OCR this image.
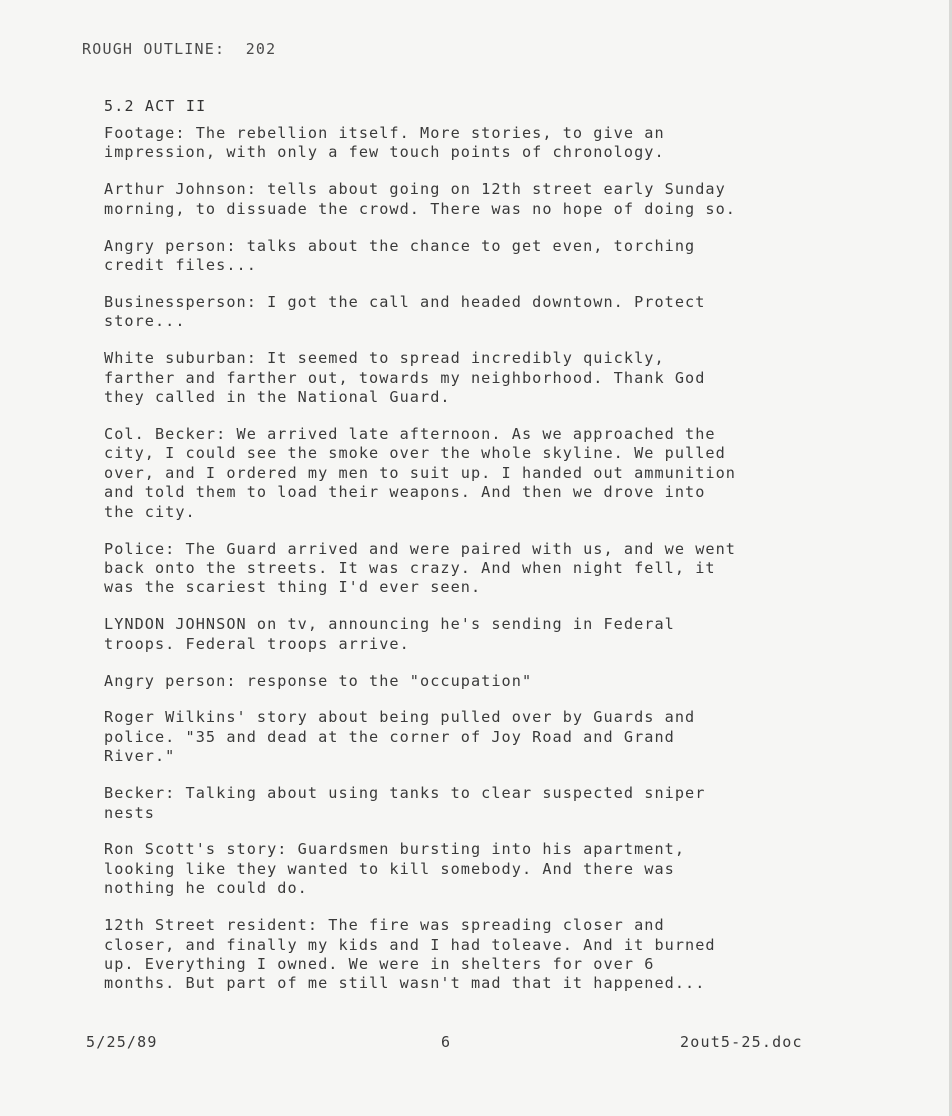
ROUGH OUTLINE:  202
5.2 ACT II

Footage: The rebellion itself. More stories, to give an
impression, with only a few touch points of chronology.

Arthur Johnson: tells about going on 12th street early Sunday
morning, to dissuade the crowd. There was no hope of doing so.

Angry person: talks about the chance to get even, torching
credit files...

Businessperson: I got the call and headed downtown. Protect
store...

White suburban: It seemed to spread incredibly quickly,
farther and farther out, towards my neighborhood. Thank God
they called in the National Guard.

Col. Becker: We arrived late afternoon. As we approached the
city, I could see the smoke over the whole skyline. We pulled
over, and I ordered my men to suit up. I handed out ammunition
and told them to load their weapons. And then we drove into
the city.

Police: The Guard arrived and were paired with us, and we went
back onto the streets. It was crazy. And when night fell, it
was the scariest thing I'd ever seen.

LYNDON JOHNSON on tv, announcing he's sending in Federal
troops. Federal troops arrive.

Angry person: response to the "occupation"

Roger Wilkins' story about being pulled over by Guards and
police. "35 and dead at the corner of Joy Road and Grand
River."

Becker: Talking about using tanks to clear suspected sniper
nests

Ron Scott's story: Guardsmen bursting into his apartment,
looking like they wanted to kill somebody. And there was
nothing he could do.

12th Street resident: The fire was spreading closer and
closer, and finally my kids and I had toleave. And it burned
up. Everything I owned. We were in shelters for over 6
months. But part of me still wasn't mad that it happened...

5/25/89	6	2out5-25.doc
